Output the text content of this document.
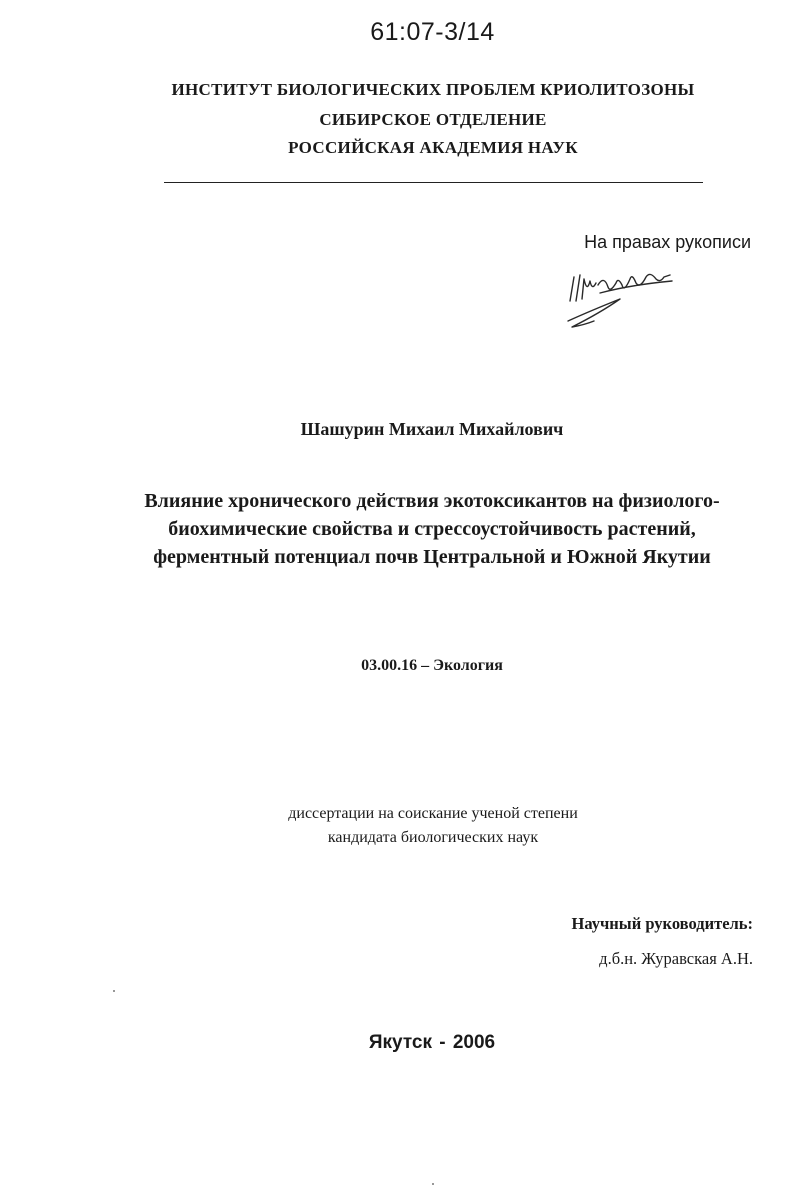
61:07-3/14
ИНСТИТУТ БИОЛОГИЧЕСКИХ ПРОБЛЕМ КРИОЛИТОЗОНЫ
СИБИРСКОЕ ОТДЕЛЕНИЕ
РОССИЙСКАЯ АКАДЕМИЯ НАУК
На правах рукописи
Шашурин Михаил Михайлович
Влияние хронического действия экотоксикантов на физиолого-
биохимические свойства и стрессоустойчивость растений,
ферментный потенциал почв Центральной и Южной Якутии
03.00.16 – Экология
диссертации на соискание ученой степени
кандидата биологических наук
Научный руководитель:
д.б.н. Журавская А.Н.
Якутск - 2006
